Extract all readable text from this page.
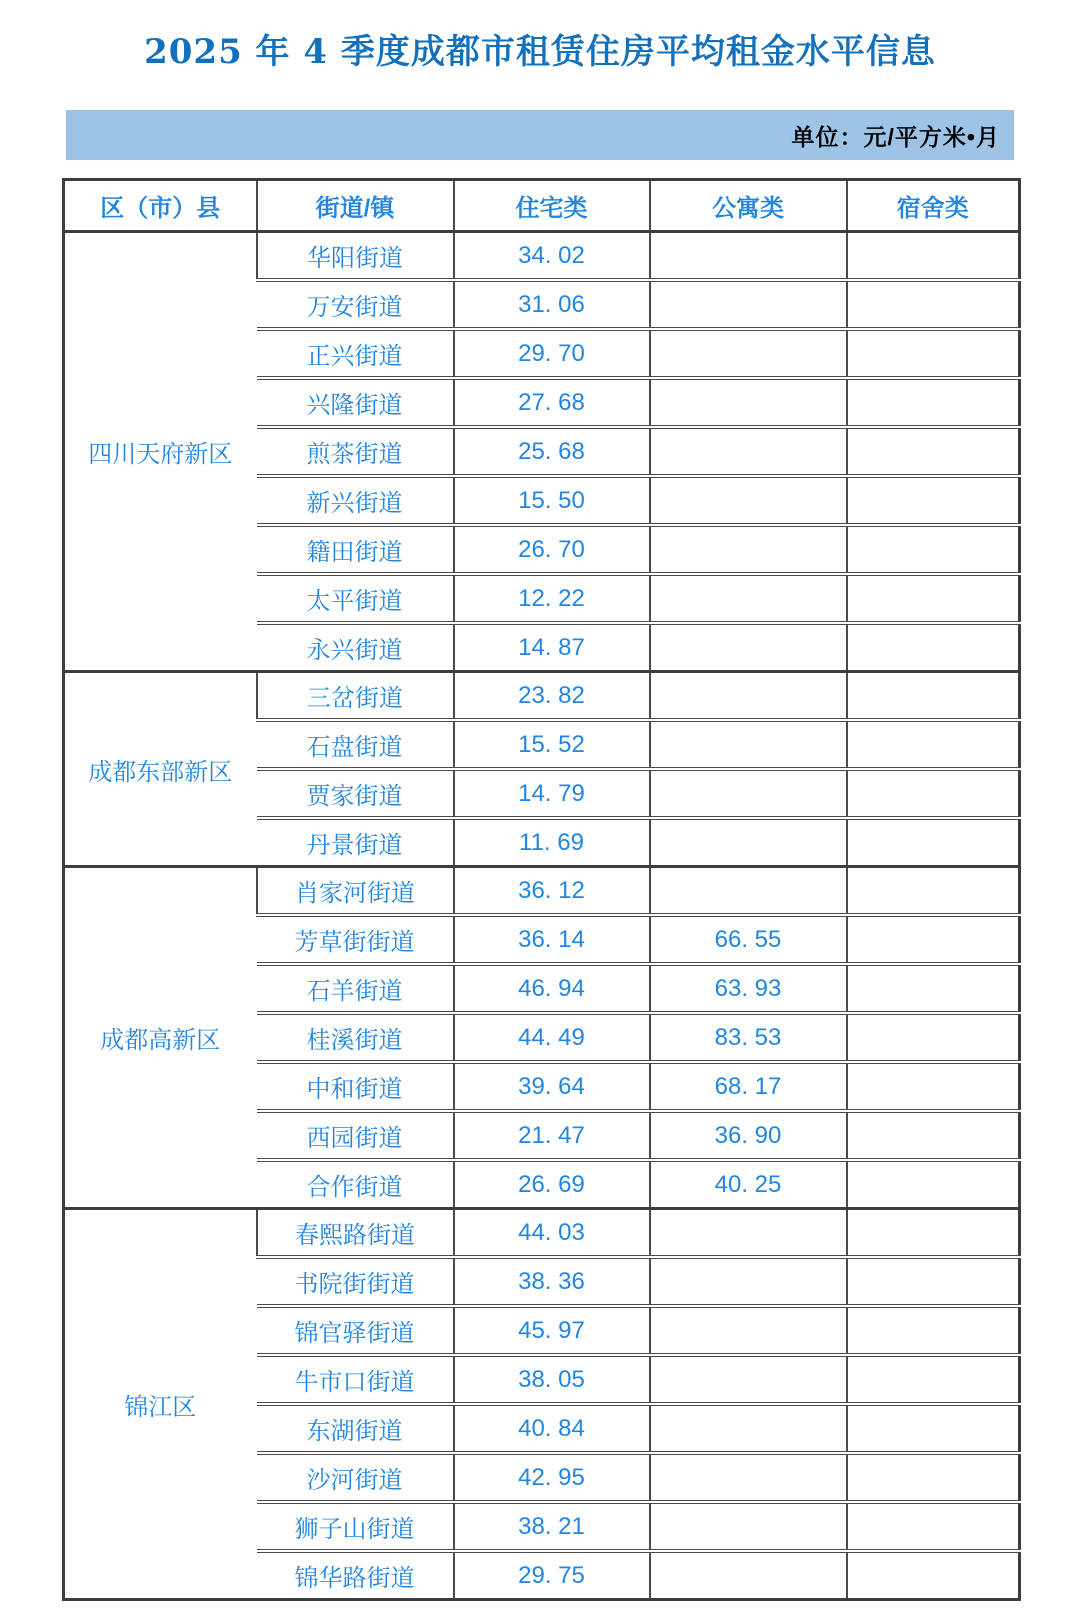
2025 年 4 季度成都市租赁住房平均租金水平信息
单位：元/平方米•月
区（市）县	街道/镇	住宅类	公寓类	宿舍类
四川天府新区	华阳街道	34. 02		
	万安街道	31. 06		
	正兴街道	29. 70		
	兴隆街道	27. 68		
	煎茶街道	25. 68		
	新兴街道	15. 50		
	籍田街道	26. 70		
	太平街道	12. 22		
	永兴街道	14. 87		
成都东部新区	三岔街道	23. 82		
	石盘街道	15. 52		
	贾家街道	14. 79		
	丹景街道	11. 69		
成都高新区	肖家河街道	36. 12		
	芳草街街道	36. 14	66. 55	
	石羊街道	46. 94	63. 93	
	桂溪街道	44. 49	83. 53	
	中和街道	39. 64	68. 17	
	西园街道	21. 47	36. 90	
	合作街道	26. 69	40. 25	
锦江区	春熙路街道	44. 03		
	书院街街道	38. 36		
	锦官驿街道	45. 97		
	牛市口街道	38. 05		
	东湖街道	40. 84		
	沙河街道	42. 95		
	狮子山街道	38. 21		
	锦华路街道	29. 75		
